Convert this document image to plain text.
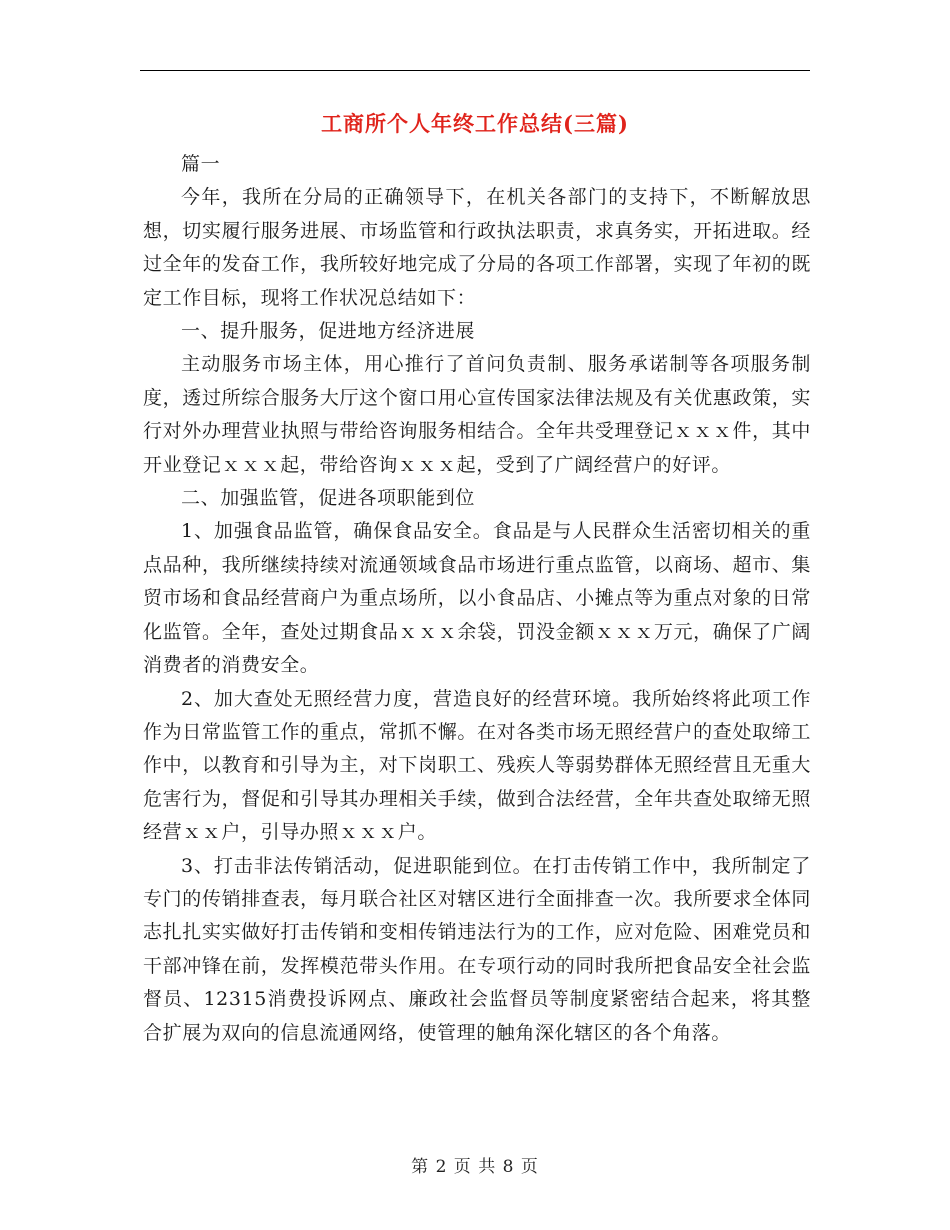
工商所个人年终工作总结(三篇)

篇一

今年，我所在分局的正确领导下，在机关各部门的支持下，不断解放思想，切实履行服务进展、市场监管和行政执法职责，求真务实，开拓进取。经过全年的发奋工作，我所较好地完成了分局的各项工作部署，实现了年初的既定工作目标，现将工作状况总结如下：

一、提升服务，促进地方经济进展

主动服务市场主体，用心推行了首问负责制、服务承诺制等各项服务制度，透过所综合服务大厅这个窗口用心宣传国家法律法规及有关优惠政策，实行对外办理营业执照与带给咨询服务相结合。全年共受理登记ｘｘｘ件，其中开业登记ｘｘｘ起，带给咨询ｘｘｘ起，受到了广阔经营户的好评。

二、加强监管，促进各项职能到位

1、加强食品监管，确保食品安全。食品是与人民群众生活密切相关的重点品种，我所继续持续对流通领域食品市场进行重点监管，以商场、超市、集贸市场和食品经营商户为重点场所，以小食品店、小摊点等为重点对象的日常化监管。全年，查处过期食品ｘｘｘ余袋，罚没金额ｘｘｘ万元，确保了广阔消费者的消费安全。

2、加大查处无照经营力度，营造良好的经营环境。我所始终将此项工作作为日常监管工作的重点，常抓不懈。在对各类市场无照经营户的查处取缔工作中，以教育和引导为主，对下岗职工、残疾人等弱势群体无照经营且无重大危害行为，督促和引导其办理相关手续，做到合法经营，全年共查处取缔无照经营ｘｘ户，引导办照ｘｘｘ户。

3、打击非法传销活动，促进职能到位。在打击传销工作中，我所制定了专门的传销排查表，每月联合社区对辖区进行全面排查一次。我所要求全体同志扎扎实实做好打击传销和变相传销违法行为的工作，应对危险、困难党员和干部冲锋在前，发挥模范带头作用。在专项行动的同时我所把食品安全社会监督员、12315消费投诉网点、廉政社会监督员等制度紧密结合起来，将其整合扩展为双向的信息流通网络，使管理的触角深化辖区的各个角落。

第 2 页 共 8 页
